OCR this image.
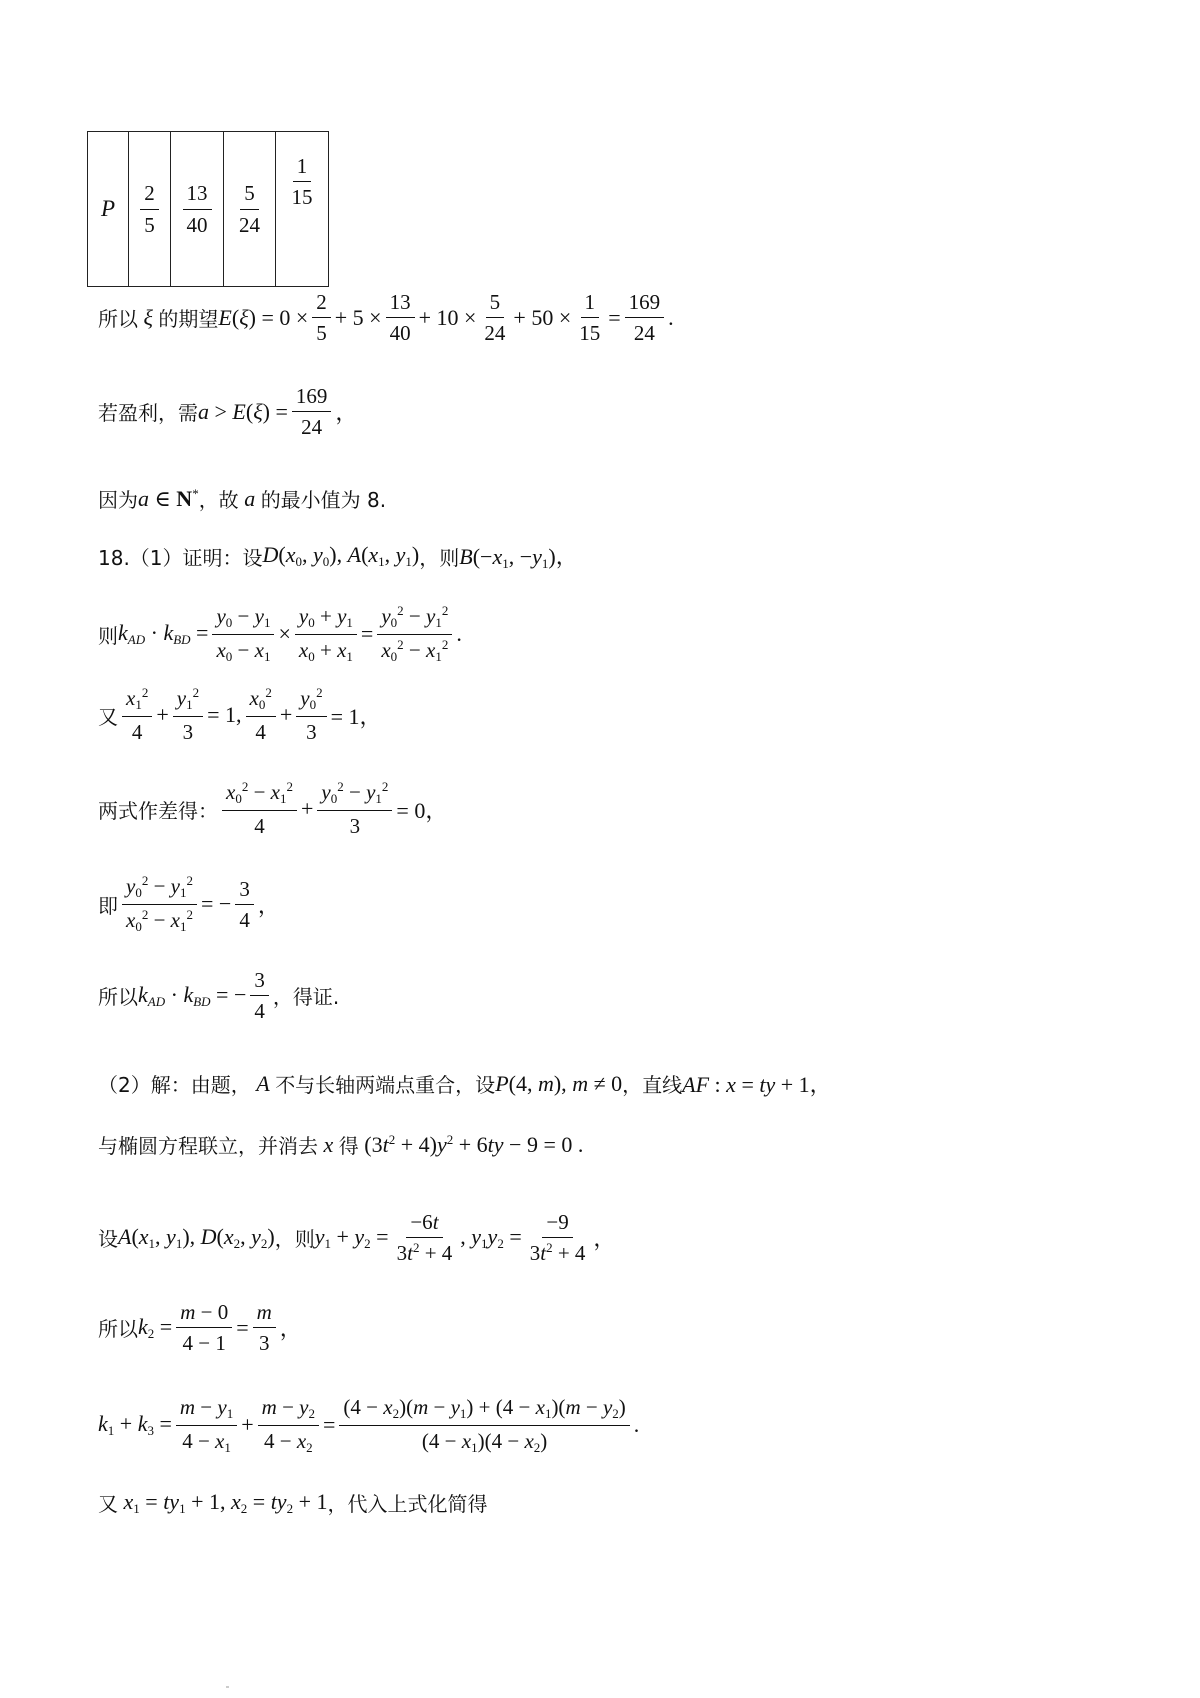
P	$\frac{2}{5}$	$\frac{13}{40}$	$\frac{5}{24}$	$\frac{1}{15}$
所以 ξ 的期望 $E(\xi) = 0 \times \frac{2}{5} + 5 \times \frac{13}{40} + 10 \times \frac{5}{24} + 50 \times \frac{1}{15} = \frac{169}{24}$ .
若盈利，需 $a > E(\xi) = \frac{169}{24}$ ，
因为 a ∈ N* ，故 a 的最小值为 8.
18.（1）证明：设 $D(x_0$, $y_0$), $A(x_1$, $y_1$) ，则 $B(-x_1$, $-y_1$)，
则 $k_{AD} \cdot k_{BD} = \frac{y_0 - y_1}{x_0 - x_1} \times \frac{y_0 + y_1}{x_0 + x_1} = \frac{y_0^2 - y_1^2}{x_0^2 - x_1^2}$ .
又 $\frac{x_1^2}{4} + \frac{y_1^2}{3} = 1$, $\frac{x_0^2}{4} + \frac{y_0^2}{3} = 1$，
两式作差得： $\frac{x_0^2 - x_1^2}{4} + \frac{y_0^2 - y_1^2}{3} = 0$，
即 $\frac{y_0^2 - y_1^2}{x_0^2 - x_1^2}$ = − $\frac{3}{4}$ ，
所以 $k_{AD} \cdot k_{BD}$ = − $\frac{3}{4}$ ，得证.
（2）解：由题， A 不与长轴两端点重合，设 P(4, m), m ≠ 0 ，直线 AF : x = ty + 1，
与椭圆方程联立，并消去 x 得 $(3t^2 + 4)y^2 + 6ty - 9 = 0$ .
设 $A(x_1$, $y_1$), $D(x_2$, $y_2$) ，则 $y_1 + y_2 = \frac{-6t}{3t^2 + 4}$ , $y_1y_2 = \frac{-9}{3t^2 + 4}$ ，
所以 $k_2 = \frac{m - 0}{4 - 1} = \frac{m}{3}$ ，
$k_1 + k_3 = \frac{m - y_1}{4 - x_1} + \frac{m - y_2}{4 - x_2} = \frac{(4 - x_2)(m - y_1) + (4 - x_1)(m - y_2)}{(4 - x_1)(4 - x_2)}$ .
又 $x_1 = ty_1 + 1$, $x_2 = ty_2 + 1$ ，代入上式化简得
